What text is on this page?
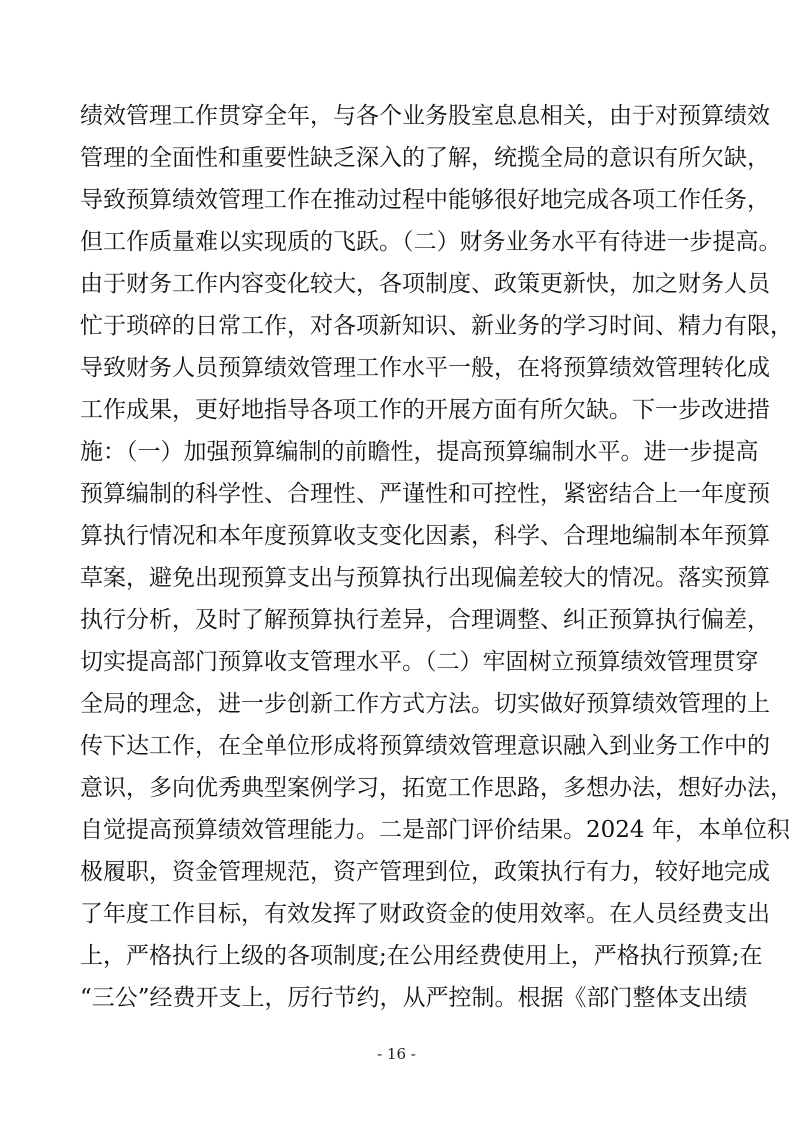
绩效管理工作贯穿全年，与各个业务股室息息相关，由于对预算绩效
管理的全面性和重要性缺乏深入的了解，统揽全局的意识有所欠缺，
导致预算绩效管理工作在推动过程中能够很好地完成各项工作任务，
但工作质量难以实现质的飞跃。（二）财务业务水平有待进一步提高。
由于财务工作内容变化较大，各项制度、政策更新快，加之财务人员
忙于琐碎的日常工作，对各项新知识、新业务的学习时间、精力有限，
导致财务人员预算绩效管理工作水平一般，在将预算绩效管理转化成
工作成果，更好地指导各项工作的开展方面有所欠缺。下一步改进措
施：（一）加强预算编制的前瞻性，提高预算编制水平。进一步提高
预算编制的科学性、合理性、严谨性和可控性，紧密结合上一年度预
算执行情况和本年度预算收支变化因素，科学、合理地编制本年预算
草案，避免出现预算支出与预算执行出现偏差较大的情况。落实预算
执行分析，及时了解预算执行差异，合理调整、纠正预算执行偏差，
切实提高部门预算收支管理水平。（二）牢固树立预算绩效管理贯穿
全局的理念，进一步创新工作方式方法。切实做好预算绩效管理的上
传下达工作，在全单位形成将预算绩效管理意识融入到业务工作中的
意识，多向优秀典型案例学习，拓宽工作思路，多想办法，想好办法，
自觉提高预算绩效管理能力。二是部门评价结果。2024 年，本单位积
极履职，资金管理规范，资产管理到位，政策执行有力，较好地完成
了年度工作目标，有效发挥了财政资金的使用效率。在人员经费支出
上，严格执行上级的各项制度;在公用经费使用上，严格执行预算;在
“三公”经费开支上，厉行节约，从严控制。根据《部门整体支出绩
- 16 -
